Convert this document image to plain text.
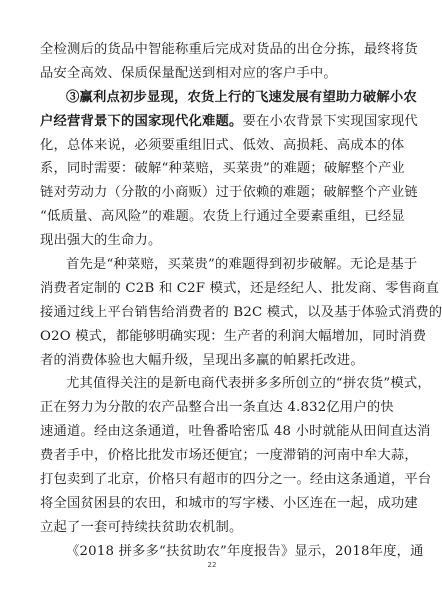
全检测后的货品中智能称重后完成对货品的出仓分拣，最终将货
品安全高效、保质保量配送到相对应的客户手中。
③赢利点初步显现，农货上行的飞速发展有望助力破解小农
户经营背景下的国家现代化难题。要在小农背景下实现国家现代
化，总体来说，必须要重组旧式、低效、高损耗、高成本的体
系，同时需要：破解“种菜赔，买菜贵”的难题；破解整个产业
链对劳动力（分散的小商贩）过于依赖的难题；破解整个产业链
“低质量、高风险”的难题。农货上行通过全要素重组，已经显
现出强大的生命力。
首先是“种菜赔，买菜贵”的难题得到初步破解。无论是基于
消费者定制的 C2B 和 C2F 模式，还是经纪人、批发商、零售商直
接通过线上平台销售给消费者的 B2C 模式，以及基于体验式消费的
O2O 模式，都能够明确实现：生产者的利润大幅增加，同时消费
者的消费体验也大幅升级，呈现出多赢的帕累托改进。
尤其值得关注的是新电商代表拼多多所创立的“拼农货”模式，
正在努力为分散的农产品整合出一条直达 4.832亿用户的快
速通道。经由这条通道，吐鲁番哈密瓜 48 小时就能从田间直达消
费者手中，价格比批发市场还便宜；一度滞销的河南中牟大蒜，
打包卖到了北京，价格只有超市的四分之一。经由这条通道，平台
将全国贫困县的农田，和城市的写字楼、小区连在一起，成功建
立起了一套可持续扶贫助农机制。
《2018 拼多多“扶贫助农”年度报告》显示，2018年度，通
22
